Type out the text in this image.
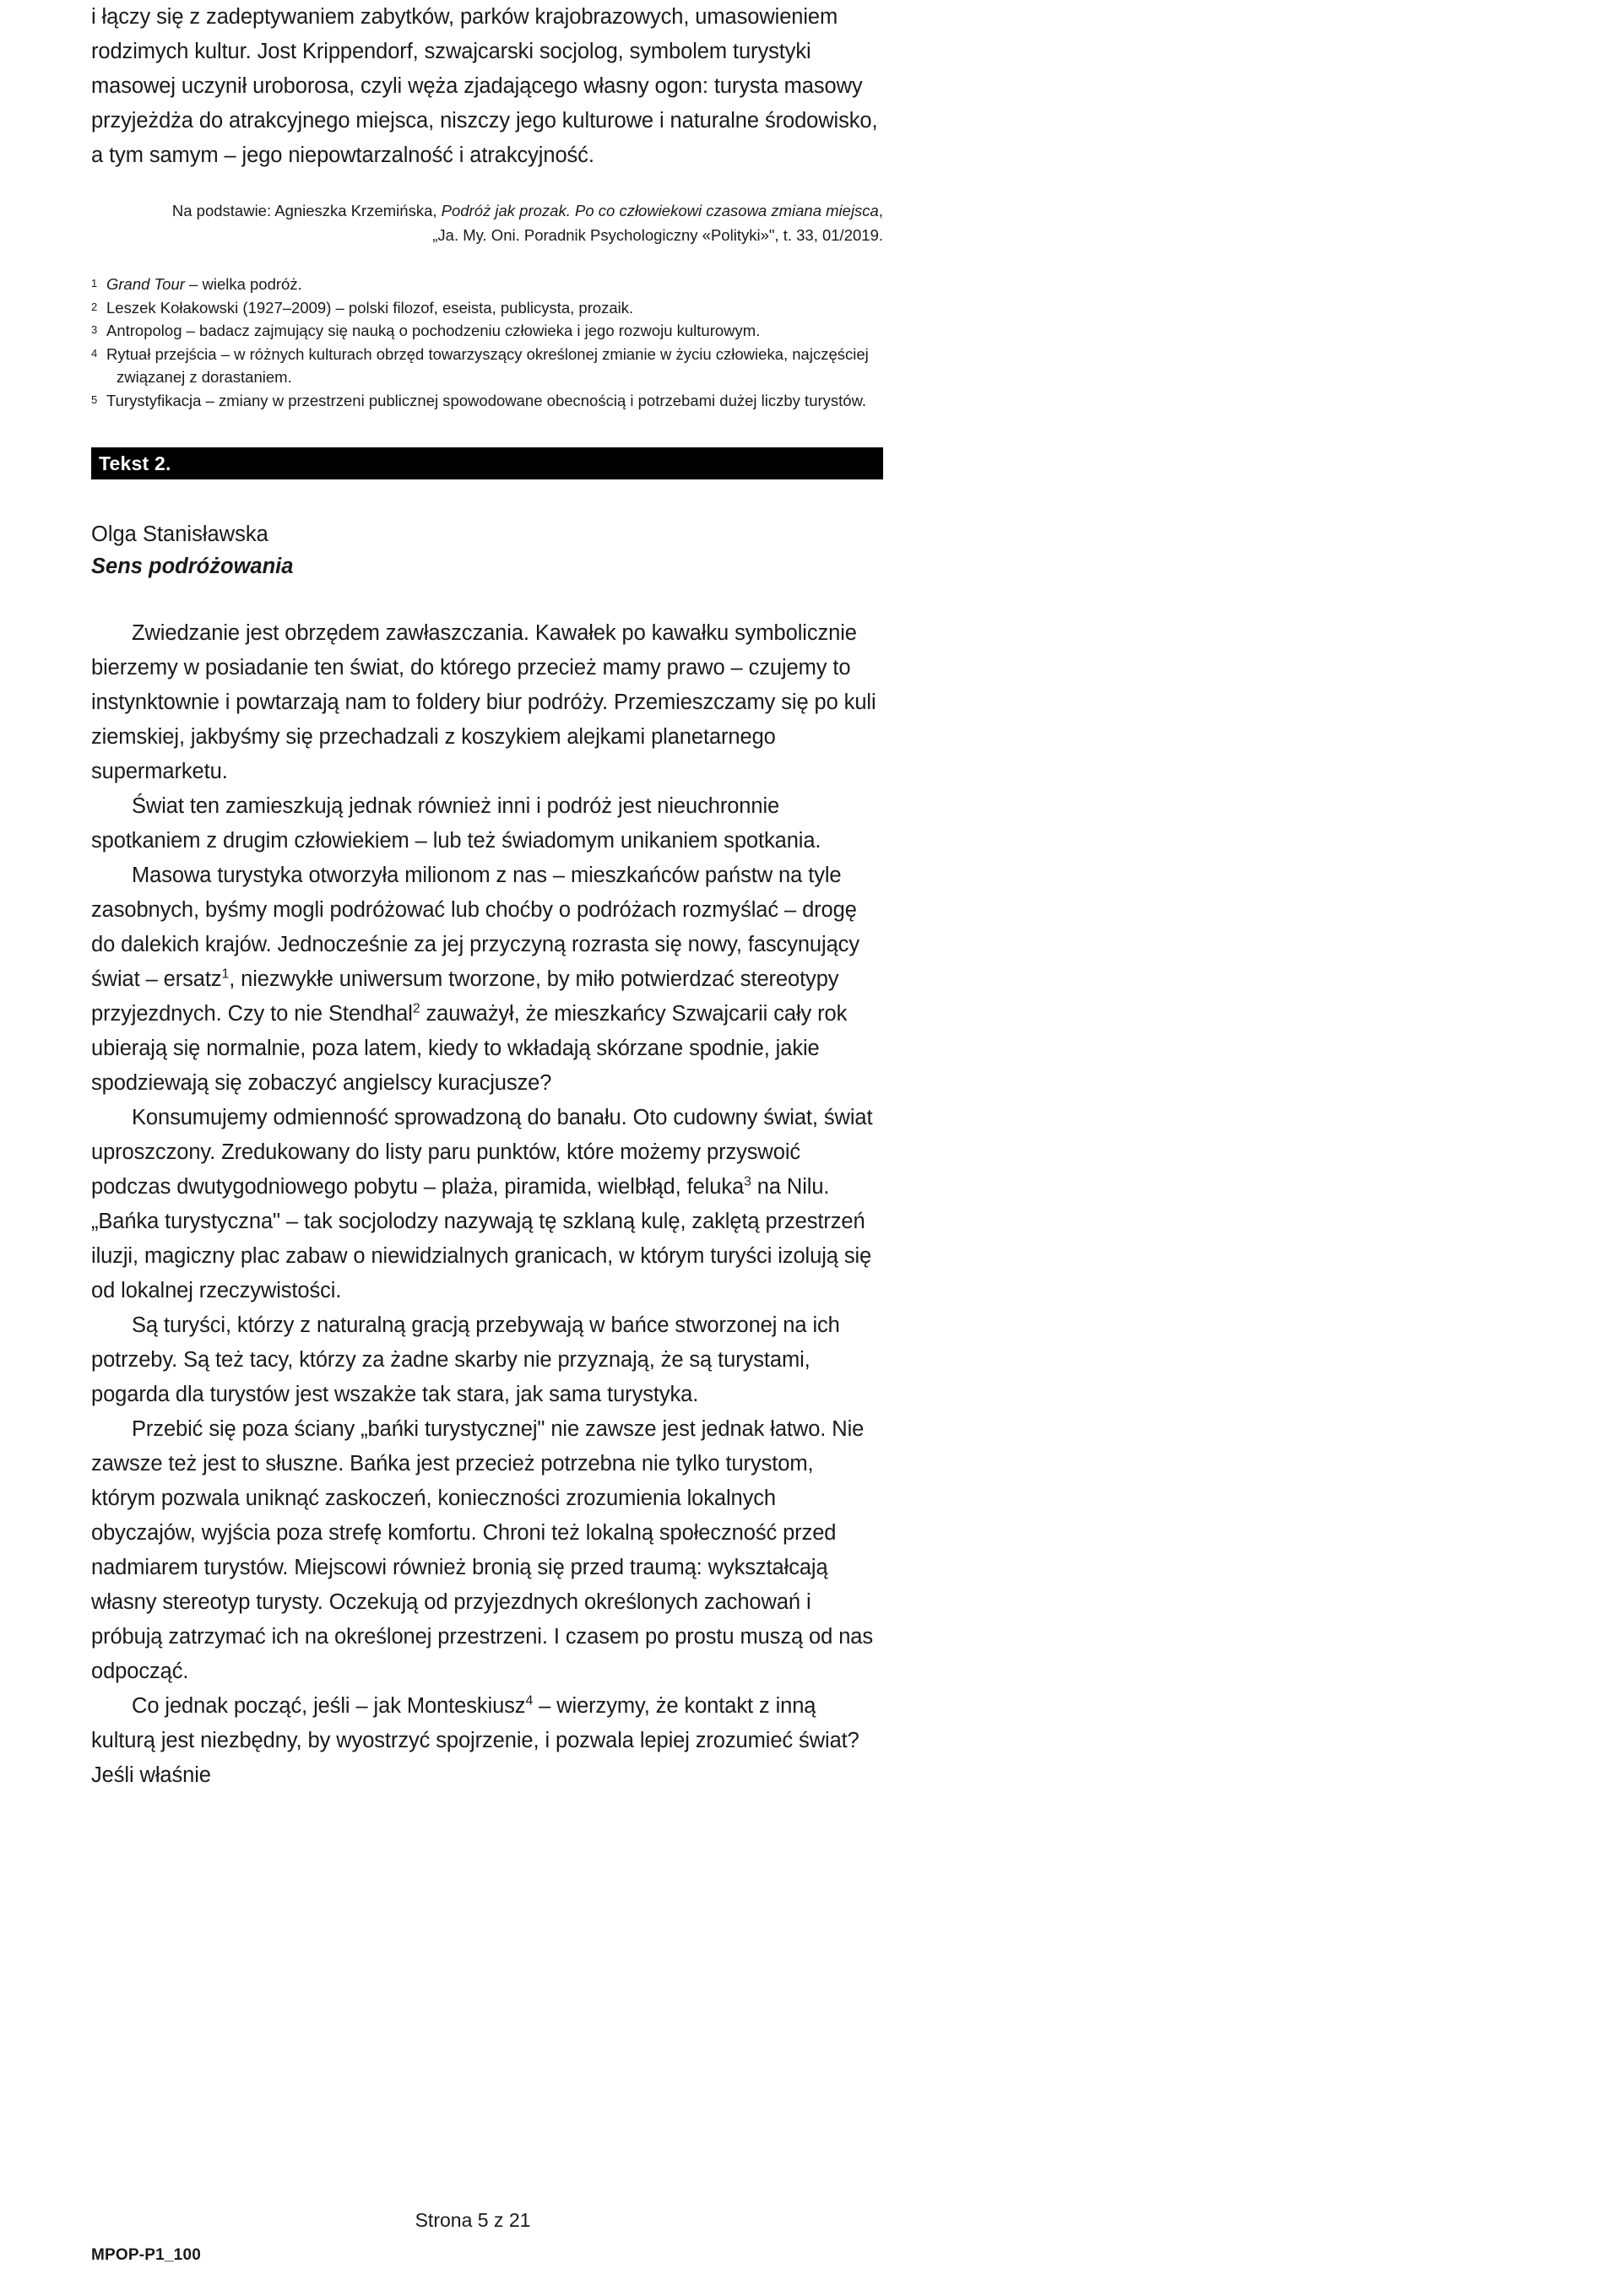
i łączy się z zadeptywaniem zabytków, parków krajobrazowych, umasowieniem rodzimych kultur. Jost Krippendorf, szwajcarski socjolog, symbolem turystyki masowej uczynił uroborosa, czyli węża zjadającego własny ogon: turysta masowy przyjeżdża do atrakcyjnego miejsca, niszczy jego kulturowe i naturalne środowisko, a tym samym – jego niepowtarzalność i atrakcyjność.

Na podstawie: Agnieszka Krzemińska, Podróż jak prozak. Po co człowiekowi czasowa zmiana miejsca,
„Ja. My. Oni. Poradnik Psychologiczny «Polityki»", t. 33, 01/2019.
1 Grand Tour – wielka podróż.
2 Leszek Kołakowski (1927–2009) – polski filozof, eseista, publicysta, prozaik.
3 Antropolog – badacz zajmujący się nauką o pochodzeniu człowieka i jego rozwoju kulturowym.
4 Rytuał przejścia – w różnych kulturach obrzęd towarzyszący określonej zmianie w życiu człowieka, najczęściej
związanej z dorastaniem.
5 Turystyfikacja – zmiany w przestrzeni publicznej spowodowane obecnością i potrzebami dużej liczby turystów.
Tekst 2.
Olga Stanisławska
Sens podróżowania

Zwiedzanie jest obrzędem zawłaszczania. Kawałek po kawałku symbolicznie bierzemy w posiadanie ten świat, do którego przecież mamy prawo – czujemy to instynktownie i powtarzają nam to foldery biur podróży. Przemieszczamy się po kuli ziemskiej, jakbyśmy się przechadzali z koszykiem alejkami planetarnego supermarketu.

Świat ten zamieszkują jednak również inni i podróż jest nieuchronnie spotkaniem z drugim człowiekiem – lub też świadomym unikaniem spotkania.

Masowa turystyka otworzyła milionom z nas – mieszkańców państw na tyle zasobnych, byśmy mogli podróżować lub choćby o podróżach rozmyślać – drogę do dalekich krajów. Jednocześnie za jej przyczyną rozrasta się nowy, fascynujący świat – ersatz$^1$, niezwykłe uniwersum tworzone, by miło potwierdzać stereotypy przyjezdnych. Czy to nie Stendhal$^2$ zauważył, że mieszkańcy Szwajcarii cały rok ubierają się normalnie, poza latem, kiedy to wkładają skórzane spodnie, jakie spodziewają się zobaczyć angielscy kuracjusze?

Konsumujemy odmienność sprowadzoną do banału. Oto cudowny świat, świat uproszczony. Zredukowany do listy paru punktów, które możemy przyswoić podczas dwutygodniowego pobytu – plaża, piramida, wielbłąd, feluka$^3$ na Nilu. „Bańka turystyczna" – tak socjolodzy nazywają tę szklaną kulę, zaklętą przestrzeń iluzji, magiczny plac zabaw o niewidzialnych granicach, w którym turyści izolują się od lokalnej rzeczywistości.

Są turyści, którzy z naturalną gracją przebywają w bańce stworzonej na ich potrzeby. Są też tacy, którzy za żadne skarby nie przyznają, że są turystami, pogarda dla turystów jest wszakże tak stara, jak sama turystyka.

Przebić się poza ściany „bańki turystycznej" nie zawsze jest jednak łatwo. Nie zawsze też jest to słuszne. Bańka jest przecież potrzebna nie tylko turystom, którym pozwala uniknąć zaskoczeń, konieczności zrozumienia lokalnych obyczajów, wyjścia poza strefę komfortu. Chroni też lokalną społeczność przed nadmiarem turystów. Miejscowi również bronią się przed traumą: wykształcają własny stereotyp turysty. Oczekują od przyjezdnych określonych zachowań i próbują zatrzymać ich na określonej przestrzeni. I czasem po prostu muszą od nas odpocząć.

Co jednak począć, jeśli – jak Monteskiusz$^4$ – wierzymy, że kontakt z inną kulturą jest niezbędny, by wyostrzyć spojrzenie, i pozwala lepiej zrozumieć świat? Jeśli właśnie

Strona 5 z 21
MPOP-P1_100
